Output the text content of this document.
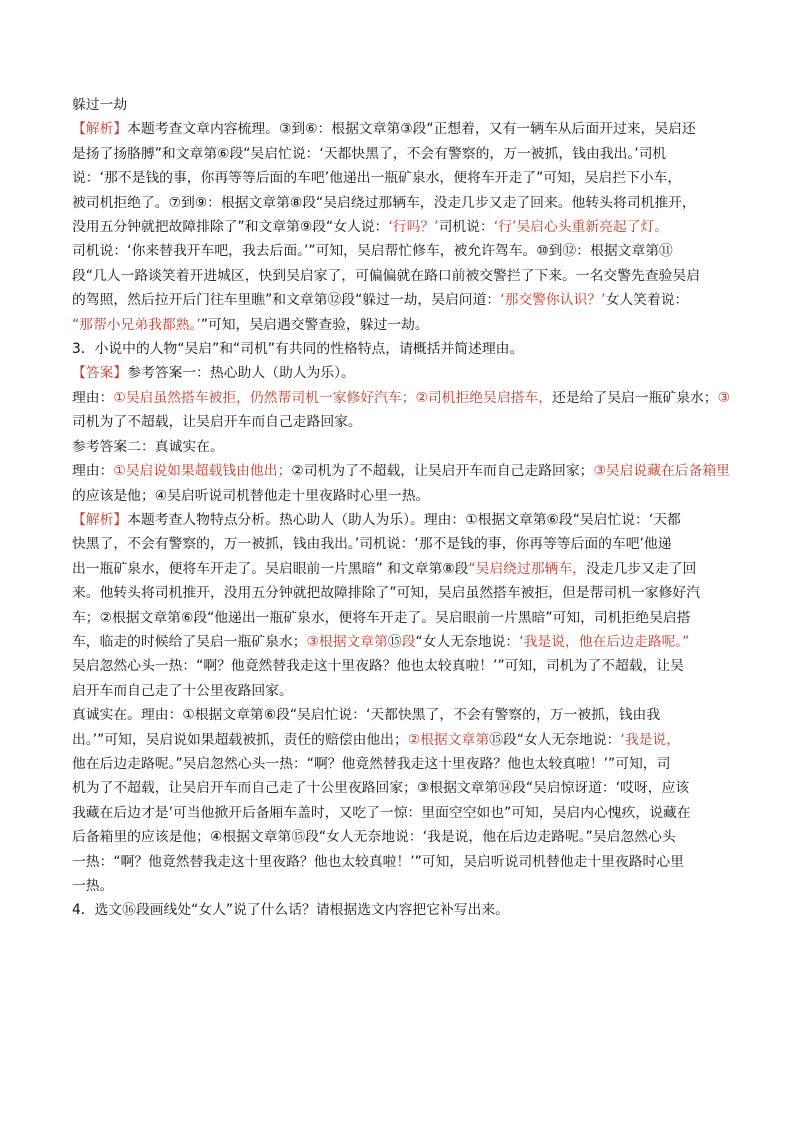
躲过一劫
【解析】本题考查文章内容梳理。③到⑥：根据文章第③段“正想着，又有一辆车从后面开过来，吴启还
是扬了扬胳膊”和文章第⑥段“吴启忙说：‘天都快黑了，不会有警察的，万一被抓，钱由我出。’司机
说：‘那不是钱的事，你再等等后面的车吧’他递出一瓶矿泉水，便将车开走了”可知，吴启拦下小车，
被司机拒绝了。⑦到⑨：根据文章第⑧段“吴启绕过那辆车，没走几步又走了回来。他转头将司机推开，
没用五分钟就把故障排除了”和文章第⑨段“女人说：‘行吗？’司机说：‘行’吴启心头重新亮起了灯。
司机说：‘你来替我开车吧，我去后面。’”可知，吴启帮忙修车，被允许驾车。⑩到⑫：根据文章第⑪
段“几人一路谈笑着开进城区，快到吴启家了，可偏偏就在路口前被交警拦了下来。一名交警先查验吴启
的驾照，然后拉开后门往车里瞧”和文章第⑫段“躲过一劫，吴启问道：‘那交警你认识？’女人笑着说：
“那帮小兄弟我都熟。’”可知，吴启遇交警查验，躲过一劫。
3．小说中的人物“吴启”和“司机”有共同的性格特点，请概括并简述理由。
【答案】参考答案一：热心助人（助人为乐）。
理由：①吴启虽然搭车被拒，仍然帮司机一家修好汽车；②司机拒绝吴启搭车，还是给了吴启一瓶矿泉水；③
司机为了不超载，让吴启开车而自己走路回家。
参考答案二：真诚实在。
理由：①吴启说如果超载钱由他出；②司机为了不超载，让吴启开车而自己走路回家；③吴启说藏在后备箱里
的应该是他；④吴启听说司机替他走十里夜路时心里一热。
【解析】本题考查人物特点分析。热心助人（助人为乐）。理由：①根据文章第⑥段“吴启忙说：‘天都
快黑了，不会有警察的，万一被抓，钱由我出。’司机说：‘那不是钱的事，你再等等后面的车吧’他递
出一瓶矿泉水，便将车开走了。吴启眼前一片黑暗” 和文章第⑧段“吴启绕过那辆车，没走几步又走了回
来。他转头将司机推开，没用五分钟就把故障排除了”可知，吴启虽然搭车被拒，但是帮司机一家修好汽
车；②根据文章第⑥段“他递出一瓶矿泉水，便将车开走了。吴启眼前一片黑暗”可知，司机拒绝吴启搭
车，临走的时候给了吴启一瓶矿泉水；③根据文章第⑮段“女人无奈地说：‘我是说，他在后边走路呢。”
吴启忽然心头一热：“啊？他竟然替我走这十里夜路？他也太较真啦！’”可知，司机为了不超载，让吴
启开车而自己走了十公里夜路回家。
真诚实在。理由：①根据文章第⑥段“吴启忙说：‘天都快黑了，不会有警察的，万一被抓，钱由我
出。’”可知，吴启说如果超载被抓，责任的赔偿由他出；②根据文章第⑮段“女人无奈地说：‘我是说，
他在后边走路呢。”吴启忽然心头一热：“啊？他竟然替我走这十里夜路？他也太较真啦！’”可知，司
机为了不超载，让吴启开车而自己走了十公里夜路回家；③根据文章第⑭段“吴启惊讶道：‘哎呀，应该
我藏在后边才是’可当他掀开后备厢车盖时，又吃了一惊：里面空空如也”可知，吴启内心愧疚，说藏在
后备箱里的应该是他；④根据文章第⑮段“女人无奈地说：‘我是说，他在后边走路呢。”吴启忽然心头
一热：“啊？他竟然替我走这十里夜路？他也太较真啦！’”可知，吴启听说司机替他走十里夜路时心里
一热。
4．选文⑯段画线处“女人”说了什么话？请根据选文内容把它补写出来。
